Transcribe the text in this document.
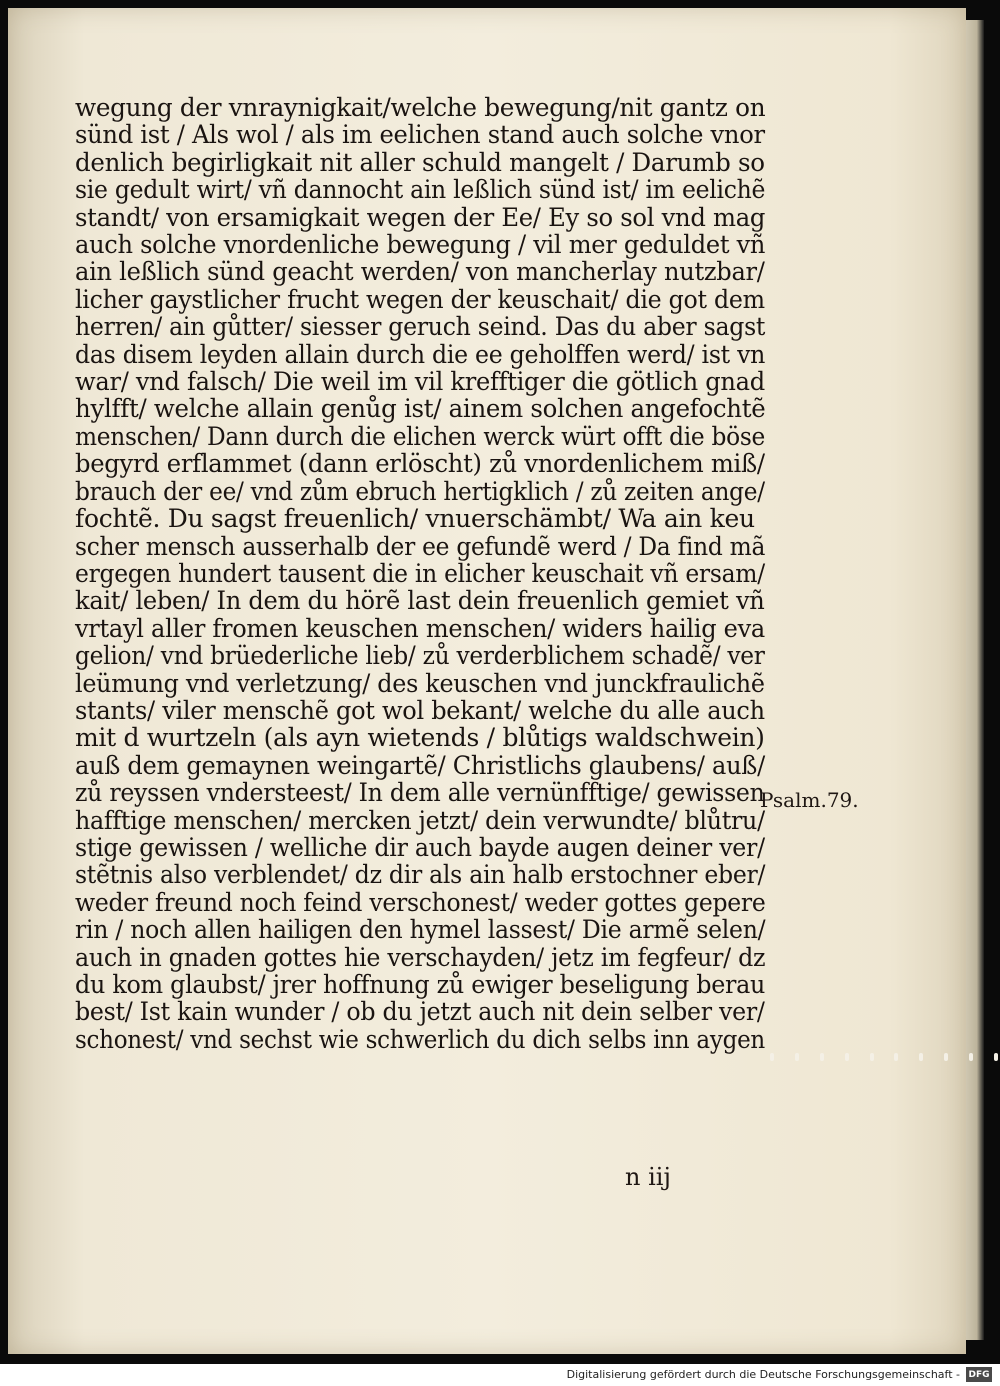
wegung der vnraynigkait/welche bewegung/nit gantz on
sünd ist / Als wol / als im eelichen stand auch solche vnor
denlich begirligkait nit aller schuld mangelt / Darumb so
sie gedult wirt/ vñ dannocht ain leßlich sünd ist/ im eelichẽ
standt/ von ersamigkait wegen der Ee/ Ey so sol vnd mag
auch solche vnordenliche bewegung / vil mer geduldet vñ
ain leßlich sünd geacht werden/ von mancherlay nutzbar/
licher gaystlicher frucht wegen der keuschait/ die got dem
herren/ ain gůtter/ siesser geruch seind. Das du aber sagst
das disem leyden allain durch die ee geholffen werd/ ist vn
war/ vnd falsch/ Die weil im vil krefftiger die götlich gnad
hylfft/ welche allain genůg ist/ ainem solchen angefochtẽ
menschen/ Dann durch die elichen werck würt offt die böse
begyrd erflammet (dann erlöscht) zů vnordenlichem miß/
brauch der ee/ vnd zům ebruch hertigklich / zů zeiten ange/
fochtẽ. Du sagst freuenlich/ vnuerschämbt/ Wa ain keu
scher mensch ausserhalb der ee gefundẽ werd / Da find mã
ergegen hundert tausent die in elicher keuschait vñ ersam/
kait/ leben/ In dem du hörẽ last dein freuenlich gemiet vñ
vrtayl aller fromen keuschen menschen/ widers hailig eva
gelion/ vnd brüederliche lieb/ zů verderblichem schadẽ/ ver
leümung vnd verletzung/ des keuschen vnd junckfraulichẽ
stants/ viler menschẽ got wol bekant/ welche du alle auch
mit d wurtzeln (als ayn wietends / blůtigs waldschwein)
auß dem gemaynen weingartẽ/ Christlichs glaubens/ auß/
zů reyssen vndersteest/ In dem alle vernünfftige/ gewissen
hafftige menschen/ mercken jetzt/ dein verwundte/ blůtru/
stige gewissen / welliche dir auch bayde augen deiner ver/
stẽtnis also verblendet/ dz dir als ain halb erstochner eber/
weder freund noch feind verschonest/ weder gottes gepere
rin / noch allen hailigen den hymel lassest/ Die armẽ selen/
auch in gnaden gottes hie verschayden/ jetz im fegfeur/ dz
du kom glaubst/ jrer hoffnung zů ewiger beseligung berau
best/ Ist kain wunder / ob du jetzt auch nit dein selber ver/
schonest/ vnd sechst wie schwerlich du dich selbs inn aygen
Psalm.79.
n iij
Digitalisierung gefördert durch die Deutsche Forschungsgemeinschaft - DFG
